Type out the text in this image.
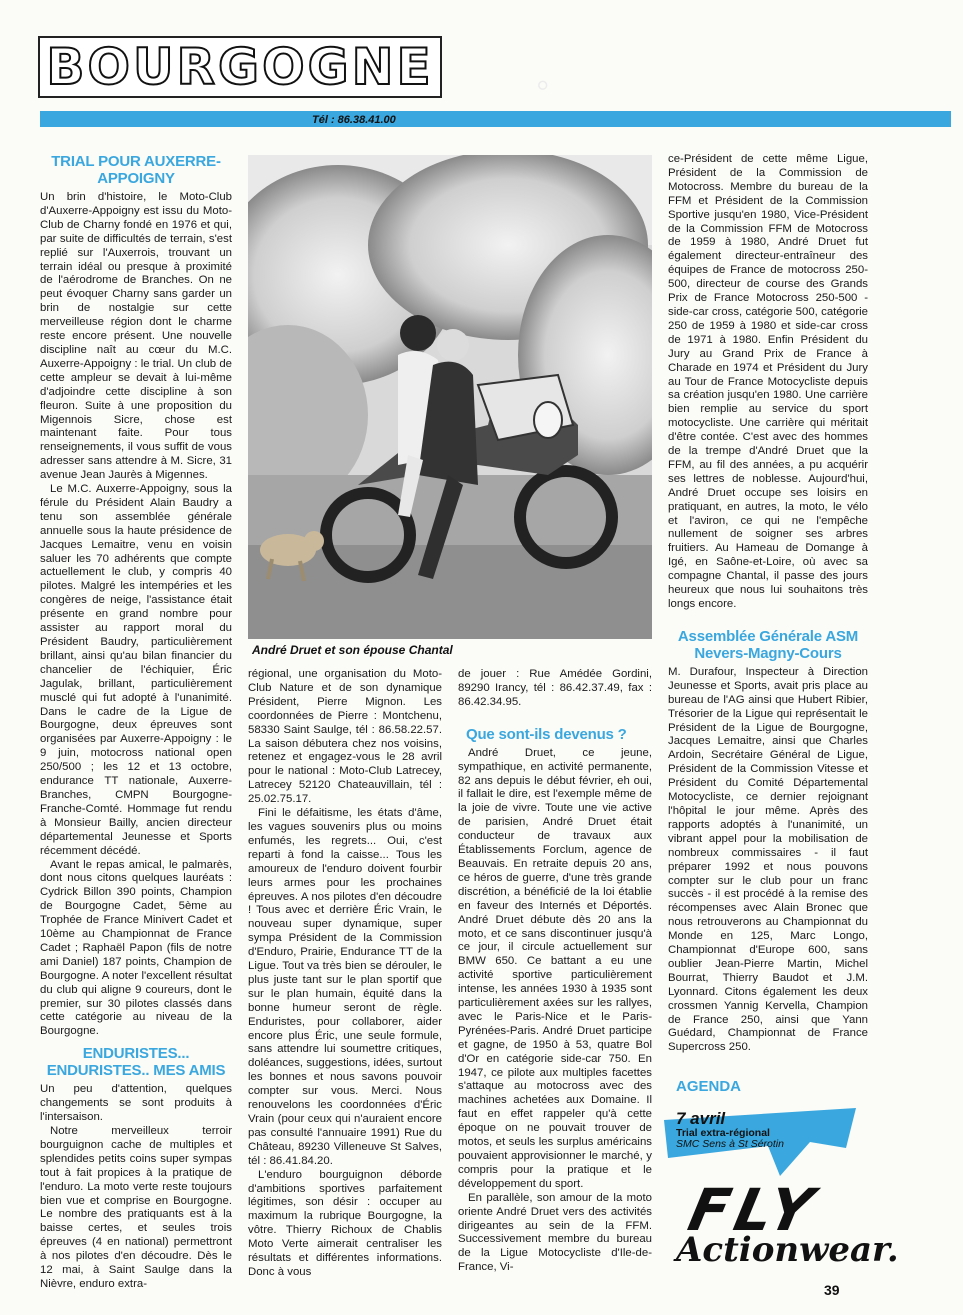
◦
BOURGOGNE
Tél : 86.38.41.00
TRIAL POUR AUXERRE-APPOIGNY

Un brin d'histoire, le Moto-Club d'Auxerre-Appoigny est issu du Moto-Club de Charny fondé en 1976 et qui, par suite de difficultés de terrain, s'est replié sur l'Auxerrois, trouvant un terrain idéal ou presque à proximité de l'aérodrome de Branches. On ne peut évoquer Charny sans garder un brin de nostalgie sur cette merveilleuse région dont le charme reste encore présent. Une nouvelle discipline naît au cœur du M.C. Auxerre-Appoigny : le trial. Un club de cette ampleur se devait à lui-même d'adjoindre cette discipline à son fleuron. Suite à une proposition du Migennois Sicre, chose est maintenant faite. Pour tous renseignements, il vous suffit de vous adresser sans attendre à M. Sicre, 31 avenue Jean Jaurès à Migennes.

Le M.C. Auxerre-Appoigny, sous la férule du Président Alain Baudry a tenu son assemblée générale annuelle sous la haute présidence de Jacques Lemaitre, venu en voisin saluer les 70 adhérents que compte actuellement le club, y compris 40 pilotes. Malgré les intempéries et les congères de neige, l'assistance était présente en grand nombre pour assister au rapport moral du Président Baudry, particulièrement brillant, ainsi qu'au bilan financier du chancelier de l'échiquier, Éric Jagulak, brillant, particulièrement musclé qui fut adopté à l'unanimité. Dans le cadre de la Ligue de Bourgogne, deux épreuves sont organisées par Auxerre-Appoigny : le 9 juin, motocross national open 250/500 ; les 12 et 13 octobre, endurance TT nationale, Auxerre-Branches, CMPN Bourgogne-Franche-Comté. Hommage fut rendu à Monsieur Bailly, ancien directeur départemental Jeunesse et Sports récemment décédé.

Avant le repas amical, le palmarès, dont nous citons quelques lauréats : Cydrick Billon 390 points, Champion de Bourgogne Cadet, 5ème au Trophée de France Minivert Cadet et 10ème au Championnat de France Cadet ; Raphaël Papon (fils de notre ami Daniel) 187 points, Champion de Bourgogne. A noter l'excellent résultat du club qui aligne 9 coureurs, dont le premier, sur 30 pilotes classés dans cette catégorie au niveau de la Bourgogne.

ENDURISTES... ENDURISTES.. MES AMIS

Un peu d'attention, quelques changements se sont produits à l'intersaison.

Notre merveilleux terroir bourguignon cache de multiples et splendides petits coins super sympas tout à fait propices à la pratique de l'enduro. La moto verte reste toujours bien vue et comprise en Bourgogne. Le nombre des pratiquants est à la baisse certes, et seules trois épreuves (4 en national) permettront à nos pilotes d'en découdre. Dès le 12 mai, à Saint Saulge dans la Nièvre, enduro extra-

André Druet et son épouse Chantal

régional, une organisation du Moto-Club Nature et de son dynamique Président, Pierre Mignon. Les coordonnées de Pierre : Montchenu, 58330 Saint Saulge, tél : 86.58.22.57. La saison débutera chez nos voisins, retenez et engagez-vous le 28 avril pour le national : Moto-Club Latrecey, Latrecey 52120 Chateauvillain, tél : 25.02.75.17.

Fini le défaitisme, les états d'âme, les vagues souvenirs plus ou moins enfumés, les regrets... Oui, c'est reparti à fond la caisse... Tous les amoureux de l'enduro doivent fourbir leurs armes pour les prochaines épreuves. A nos pilotes d'en découdre ! Tous avec et derrière Éric Vrain, le nouveau super dynamique, super sympa Président de la Commission d'Enduro, Prairie, Endurance TT de la Ligue. Tout va très bien se dérouler, le plus juste tant sur le plan sportif que sur le plan humain, équité dans la bonne humeur seront de règle. Enduristes, pour collaborer, aider encore plus Éric, une seule formule, sans attendre lui soumettre critiques, doléances, suggestions, idées, surtout les bonnes et nous savons pouvoir compter sur vous. Merci. Nous renouvelons les coordonnées d'Éric Vrain (pour ceux qui n'auraient encore pas consulté l'annuaire 1991) Rue du Château, 89230 Villeneuve St Salves, tél : 86.41.84.20.

L'enduro bourguignon déborde d'ambitions sportives parfaitement légitimes, son désir : occuper au maximum la rubrique Bourgogne, la vôtre. Thierry Richoux de Chablis Moto Verte aimerait centraliser les résultats et différentes informations. Donc à vous

de jouer : Rue Amédée Gordini, 89290 Irancy, tél : 86.42.37.49, fax : 86.42.34.95.

Que sont-ils devenus ?

André Druet, ce jeune, sympathique, en activité permanente, 82 ans depuis le début février, eh oui, il fallait le dire, est l'exemple même de la joie de vivre. Toute une vie active de parisien, André Druet était conducteur de travaux aux Établissements Forclum, agence de Beauvais. En retraite depuis 20 ans, ce héros de guerre, d'une très grande discrétion, a bénéficié de la loi établie en faveur des Internés et Déportés. André Druet débute dès 20 ans la moto, et ce sans discontinuer jusqu'à ce jour, il circule actuellement sur BMW 650. Ce battant a eu une activité sportive particulièrement intense, les années 1930 à 1935 sont particulièrement axées sur les rallyes, avec le Paris-Nice et le Paris-Pyrénées-Paris. André Druet participe et gagne, de 1950 à 53, quatre Bol d'Or en catégorie side-car 750. En 1947, ce pilote aux multiples facettes s'attaque au motocross avec des machines achetées aux Domaine. Il faut en effet rappeler qu'à cette époque on ne pouvait trouver de motos, et seuls les surplus américains pouvaient approvisionner le marché, y compris pour la pratique et le développement du sport.

En parallèle, son amour de la moto oriente André Druet vers des activités dirigeantes au sein de la FFM. Successivement membre du bureau de la Ligue Motocycliste d'Ile-de-France, Vi-

ce-Président de cette même Ligue, Président de la Commission de Motocross. Membre du bureau de la FFM et Président de la Commission Sportive jusqu'en 1980, Vice-Président de la Commission FFM de Motocross de 1959 à 1980, André Druet fut également directeur-entraîneur des équipes de France de motocross 250-500, directeur de course des Grands Prix de France Motocross 250-500 - side-car cross, catégorie 500, catégorie 250 de 1959 à 1980 et side-car cross de 1971 à 1980. Enfin Président du Jury au Grand Prix de France à Charade en 1974 et Président du Jury au Tour de France Motocycliste depuis sa création jusqu'en 1980. Une carrière bien remplie au service du sport motocycliste. Une carrière qui méritait d'être contée. C'est avec des hommes de la trempe d'André Druet que la FFM, au fil des années, a pu acquérir ses lettres de noblesse. Aujourd'hui, André Druet occupe ses loisirs en pratiquant, en autres, la moto, le vélo et l'aviron, ce qui ne l'empêche nullement de soigner ses arbres fruitiers. Au Hameau de Domange à Igé, en Saône-et-Loire, où avec sa compagne Chantal, il passe des jours heureux que nous lui souhaitons très longs encore.

Assemblée Générale ASM Nevers-Magny-Cours

M. Durafour, Inspecteur à Direction Jeunesse et Sports, avait pris place au bureau de l'AG ainsi que Hubert Ribier, Trésorier de la Ligue qui représentait le Président de la Ligue de Bourgogne, Jacques Lemaitre, ainsi que Charles Ardoin, Secrétaire Général de Ligue, Président de la Commission Vitesse et Président du Comité Départemental Motocycliste, ce dernier rejoignant l'hôpital le jour même. Après des rapports adoptés à l'unanimité, un vibrant appel pour la mobilisation de nombreux commissaires - il faut préparer 1992 et nous pouvons compter sur le club pour un franc succès - il est procédé à la remise des récompenses avec Alain Bronec que nous retrouverons au Championnat du Monde en 125, Marc Longo, Championnat d'Europe 600, sans oublier Jean-Pierre Martin, Michel Bourrat, Thierry Baudot et J.M. Lyonnard. Citons également les deux crossmen Yannig Kervella, Champion de France 250, ainsi que Yann Guédard, Championnat de France Supercross 250.

AGENDA
7 avril
Trial extra-régional
SMC Sens à St Sérotin
FLY
Actionwear.
39
